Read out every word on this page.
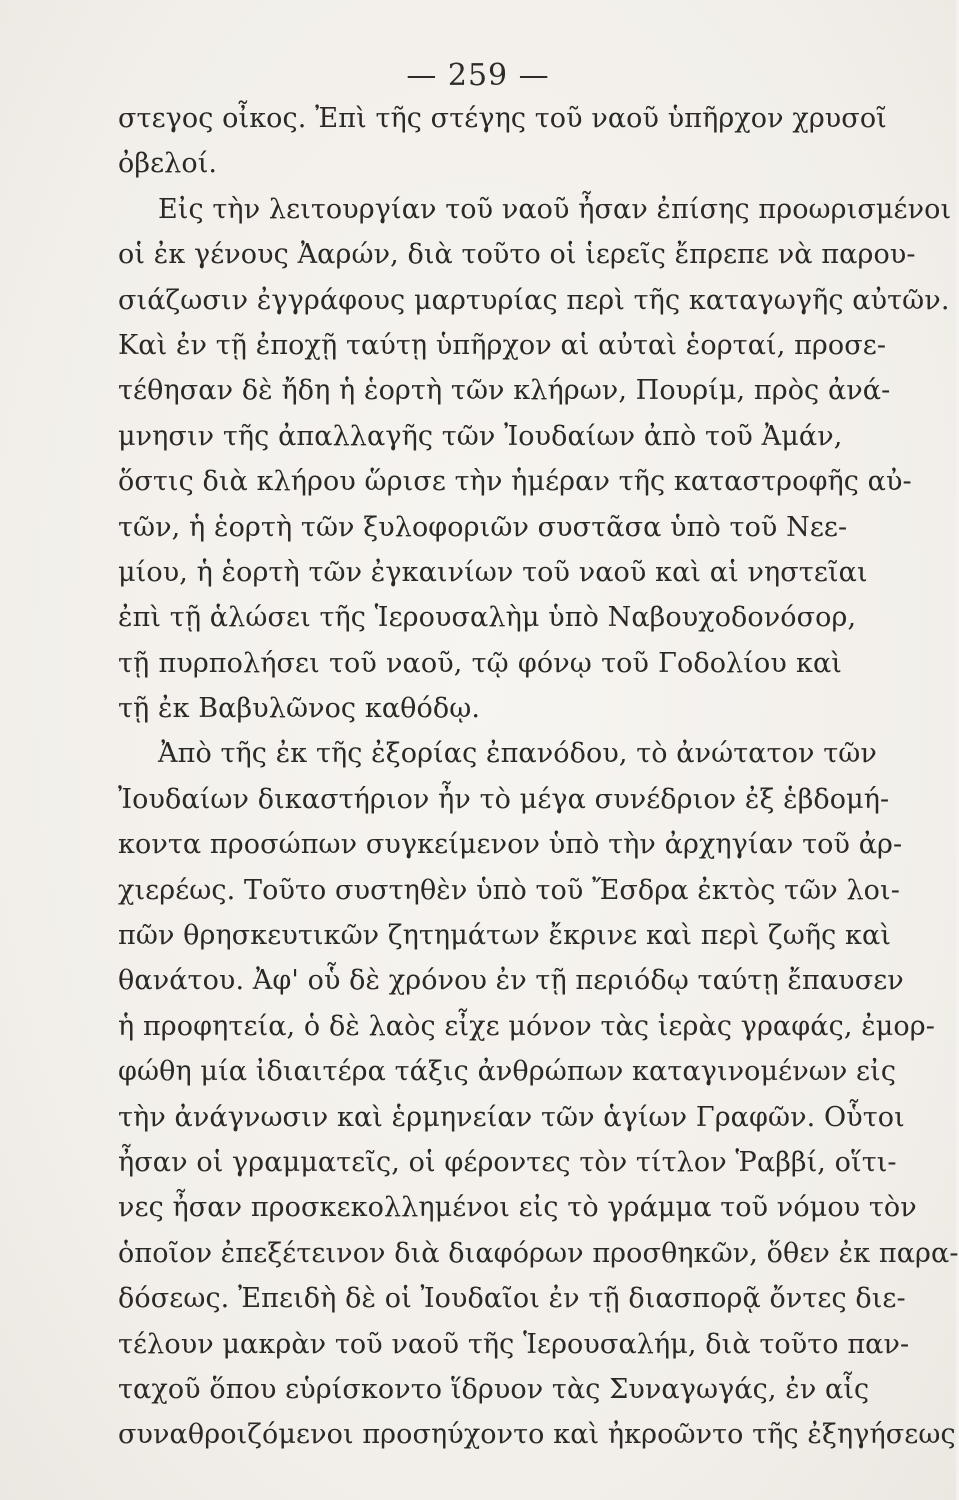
— 259 —
στεγος οἶκος. Ἐπὶ τῆς στέγης τοῦ ναοῦ ὑπῆρχον χρυσοῖ
ὀβελοί.
Εἰς τὴν λειτουργίαν τοῦ ναοῦ ἦσαν ἐπίσης προωρισμένοι
οἱ ἐκ γένους Ἀαρών, διὰ τοῦτο οἱ ἱερεῖς ἔπρεπε νὰ παρου-
σιάζωσιν ἐγγράφους μαρτυρίας περὶ τῆς καταγωγῆς αὐτῶν.
Καὶ ἐν τῇ ἐποχῇ ταύτῃ ὑπῆρχον αἱ αὐταὶ ἑορταί, προσε-
τέθησαν δὲ ἤδη ἡ ἑορτὴ τῶν κλήρων, Πουρίμ, πρὸς ἀνά-
μνησιν τῆς ἀπαλλαγῆς τῶν Ἰουδαίων ἀπὸ τοῦ Ἀμάν,
ὅστις διὰ κλήρου ὥρισε τὴν ἡμέραν τῆς καταστροφῆς αὐ-
τῶν, ἡ ἑορτὴ τῶν ξυλοφοριῶν συστᾶσα ὑπὸ τοῦ Νεε-
μίου, ἡ ἑορτὴ τῶν ἐγκαινίων τοῦ ναοῦ καὶ αἱ νηστεῖαι
ἐπὶ τῇ ἁλώσει τῆς Ἱερουσαλὴμ ὑπὸ Ναβουχοδονόσορ,
τῇ πυρπολήσει τοῦ ναοῦ, τῷ φόνῳ τοῦ Γοδολίου καὶ
τῇ ἐκ Βαβυλῶνος καθόδῳ.
Ἀπὸ τῆς ἐκ τῆς ἐξορίας ἐπανόδου, τὸ ἀνώτατον τῶν
Ἰουδαίων δικαστήριον ἦν τὸ μέγα συνέδριον ἐξ ἑβδομή-
κοντα προσώπων συγκείμενον ὑπὸ τὴν ἀρχηγίαν τοῦ ἀρ-
χιερέως. Τοῦτο συστηθὲν ὑπὸ τοῦ Ἔσδρα ἐκτὸς τῶν λοι-
πῶν θρησκευτικῶν ζητημάτων ἔκρινε καὶ περὶ ζωῆς καὶ
θανάτου. Ἀφ' οὗ δὲ χρόνου ἐν τῇ περιόδῳ ταύτῃ ἔπαυσεν
ἡ προφητεία, ὁ δὲ λαὸς εἶχε μόνον τὰς ἱερὰς γραφάς, ἐμορ-
φώθη μία ἰδιαιτέρα τάξις ἀνθρώπων καταγινομένων εἰς
τὴν ἀνάγνωσιν καὶ ἑρμηνείαν τῶν ἁγίων Γραφῶν. Οὗτοι
ἦσαν οἱ γραμματεῖς, οἱ φέροντες τὸν τίτλον Ῥαββί, οἵτι-
νες ἦσαν προσκεκολλημένοι εἰς τὸ γράμμα τοῦ νόμου τὸν
ὁποῖον ἐπεξέτεινον διὰ διαφόρων προσθηκῶν, ὅθεν ἐκ παρα-
δόσεως. Ἐπειδὴ δὲ οἱ Ἰουδαῖοι ἐν τῇ διασπορᾷ ὄντες διε-
τέλουν μακρὰν τοῦ ναοῦ τῆς Ἱερουσαλήμ, διὰ τοῦτο παν-
ταχοῦ ὅπου εὑρίσκοντο ἵδρυον τὰς Συναγωγάς, ἐν αἷς
συναθροιζόμενοι προσηύχοντο καὶ ἠκροῶντο τῆς ἐξηγήσεως
